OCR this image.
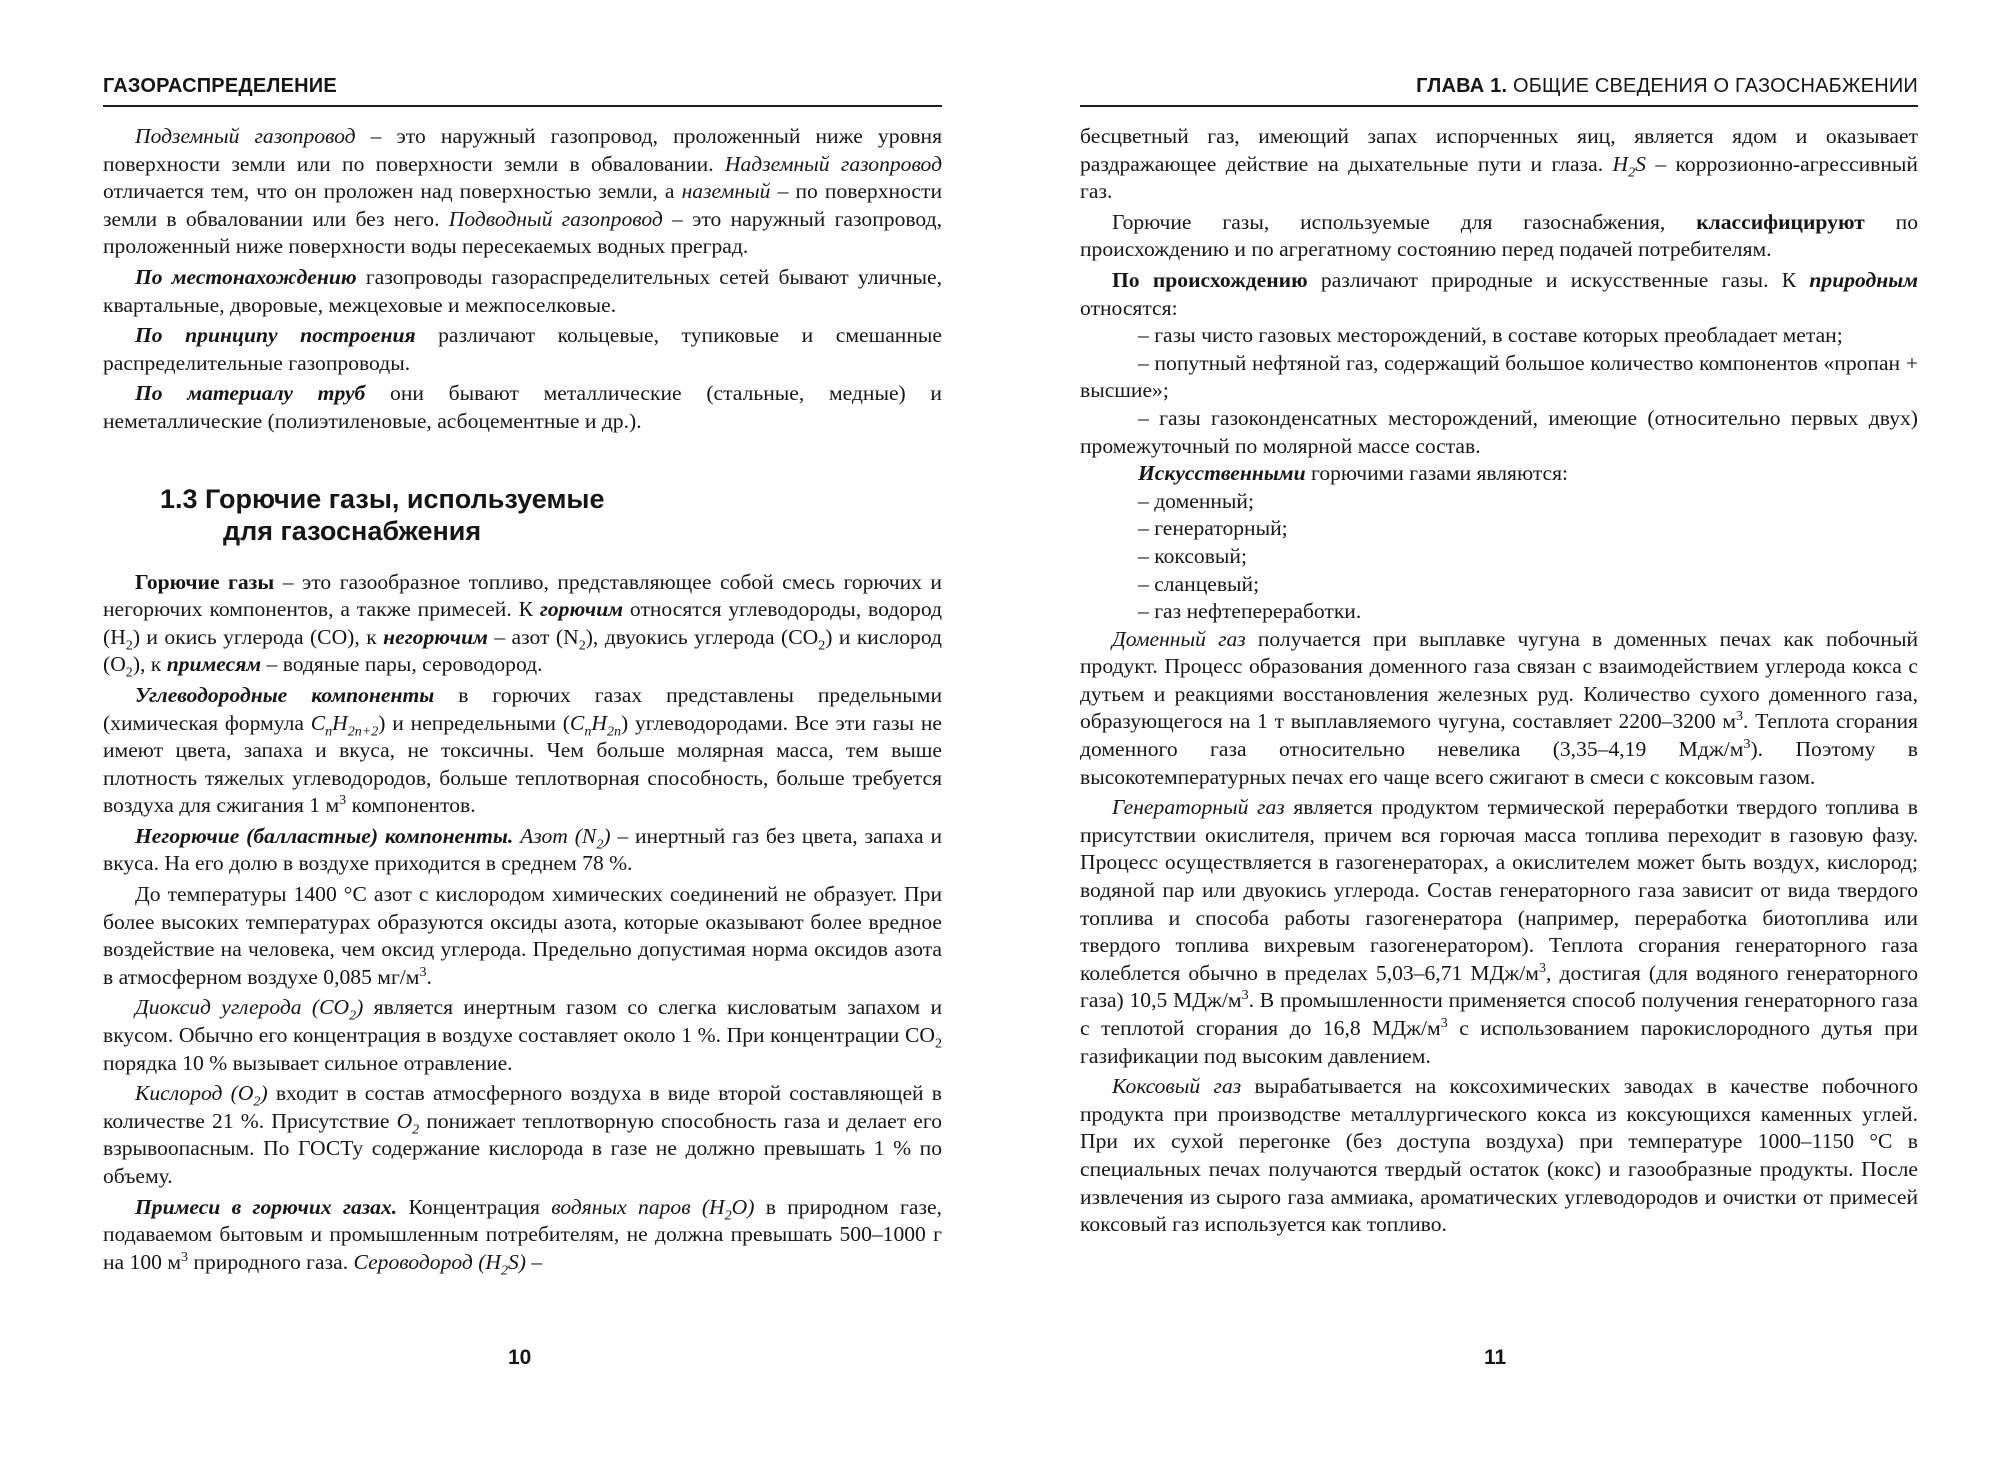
ГАЗОРАСПРЕДЕЛЕНИЕ

Подземный газопровод – это наружный газопровод, проложенный ниже уровня поверхности земли или по поверхности земли в обваловании. Надземный газопровод отличается тем, что он проложен над поверхностью земли, а наземный – по поверхности земли в обваловании или без него. Подводный газопровод – это наружный газопровод, проложенный ниже поверхности воды пересекаемых водных преград.

По местонахождению газопроводы газораспределительных сетей бывают уличные, квартальные, дворовые, межцеховые и межпоселковые.

По принципу построения различают кольцевые, тупиковые и смешанные распределительные газопроводы.

По материалу труб они бывают металлические (стальные, медные) и неметаллические (полиэтиленовые, асбоцементные и др.).

1.3 Горючие газы, используемые
для газоснабжения

Горючие газы – это газообразное топливо, представляющее собой смесь горючих и негорючих компонентов, а также примесей. К горючим относятся углеводороды, водород $(H_2)$ и окись углерода (CO), к негорючим – азот $(N_2)$, двуокись углерода $(CO_2)$ и кислород $(O_2)$, к примесям – водяные пары, сероводород.

Углеводородные компоненты в горючих газах представлены предельными (химическая формула $C_nH_{2n+2}$) и непредельными $(C_nH_{2n})$ углеводородами. Все эти газы не имеют цвета, запаха и вкуса, не токсичны. Чем больше молярная масса, тем выше плотность тяжелых углеводородов, больше теплотворная способность, больше требуется воздуха для сжигания 1 $м^3$ компонентов.

Негорючие (балластные) компоненты. Азот $(N_2)$ – инертный газ без цвета, запаха и вкуса. На его долю в воздухе приходится в среднем 78 %.

До температуры 1400 °С азот с кислородом химических соединений не образует. При более высоких температурах образуются оксиды азота, которые оказывают более вредное воздействие на человека, чем оксид углерода. Предельно допустимая норма оксидов азота в атмосферном воздухе 0,085 $мг/м^3$.

Диоксид углерода $(CO_2)$ является инертным газом со слегка кисловатым запахом и вкусом. Обычно его концентрация в воздухе составляет около 1 %. При концентрации $CO_2$ порядка 10 % вызывает сильное отравление.

Кислород $(O_2)$ входит в состав атмосферного воздуха в виде второй составляющей в количестве 21 %. Присутствие $O_2$ понижает теплотворную способность газа и делает его взрывоопасным. По ГОСТу содержание кислорода в газе не должно превышать 1 % по объему.

Примеси в горючих газах. Концентрация водяных паров $(H_2O)$ в природном газе, подаваемом бытовым и промышленным потребителям, не должна превышать 500–1000 г на 100 $м^3$ природного газа. Сероводород $(H_2S)$ –

10
ГЛАВА 1. ОБЩИЕ СВЕДЕНИЯ О ГАЗОСНАБЖЕНИИ

бесцветный газ, имеющий запах испорченных яиц, является ядом и оказывает раздражающее действие на дыхательные пути и глаза. $H_2S$ – коррозионно-агрессивный газ.

Горючие газы, используемые для газоснабжения, классифицируют по происхождению и по агрегатному состоянию перед подачей потребителям.

По происхождению различают природные и искусственные газы. К природным относятся:

– газы чисто газовых месторождений, в составе которых преобладает метан;

– попутный нефтяной газ, содержащий большое количество компонентов «пропан + высшие»;

– газы газоконденсатных месторождений, имеющие (относительно первых двух) промежуточный по молярной массе состав.

Искусственными горючими газами являются:

– доменный;

– генераторный;

– коксовый;

– сланцевый;

– газ нефтепереработки.

Доменный газ получается при выплавке чугуна в доменных печах как побочный продукт. Процесс образования доменного газа связан с взаимодействием углерода кокса с дутьем и реакциями восстановления железных руд. Количество сухого доменного газа, образующегося на 1 т выплавляемого чугуна, составляет 2200–3200 $м^3$. Теплота сгорания доменного газа относительно невелика (3,35–4,19 Мдж/$м^3$). Поэтому в высокотемпературных печах его чаще всего сжигают в смеси с коксовым газом.

Генераторный газ является продуктом термической переработки твердого топлива в присутствии окислителя, причем вся горючая масса топлива переходит в газовую фазу. Процесс осуществляется в газогенераторах, а окислителем может быть воздух, кислород; водяной пар или двуокись углерода. Состав генераторного газа зависит от вида твердого топлива и способа работы газогенератора (например, переработка биотоплива или твердого топлива вихревым газогенератором). Теплота сгорания генераторного газа колеблется обычно в пределах 5,03–6,71 МДж/$м^3$, достигая (для водяного генераторного газа) 10,5 МДж/$м^3$. В промышленности применяется способ получения генераторного газа с теплотой сгорания до 16,8 МДж/$м^3$ с использованием парокислородного дутья при газификации под высоким давлением.

Коксовый газ вырабатывается на коксохимических заводах в качестве побочного продукта при производстве металлургического кокса из коксующихся каменных углей. При их сухой перегонке (без доступа воздуха) при температуре 1000–1150 °С в специальных печах получаются твердый остаток (кокс) и газообразные продукты. После извлечения из сырого газа аммиака, ароматических углеводородов и очистки от примесей коксовый газ используется как топливо.

11
